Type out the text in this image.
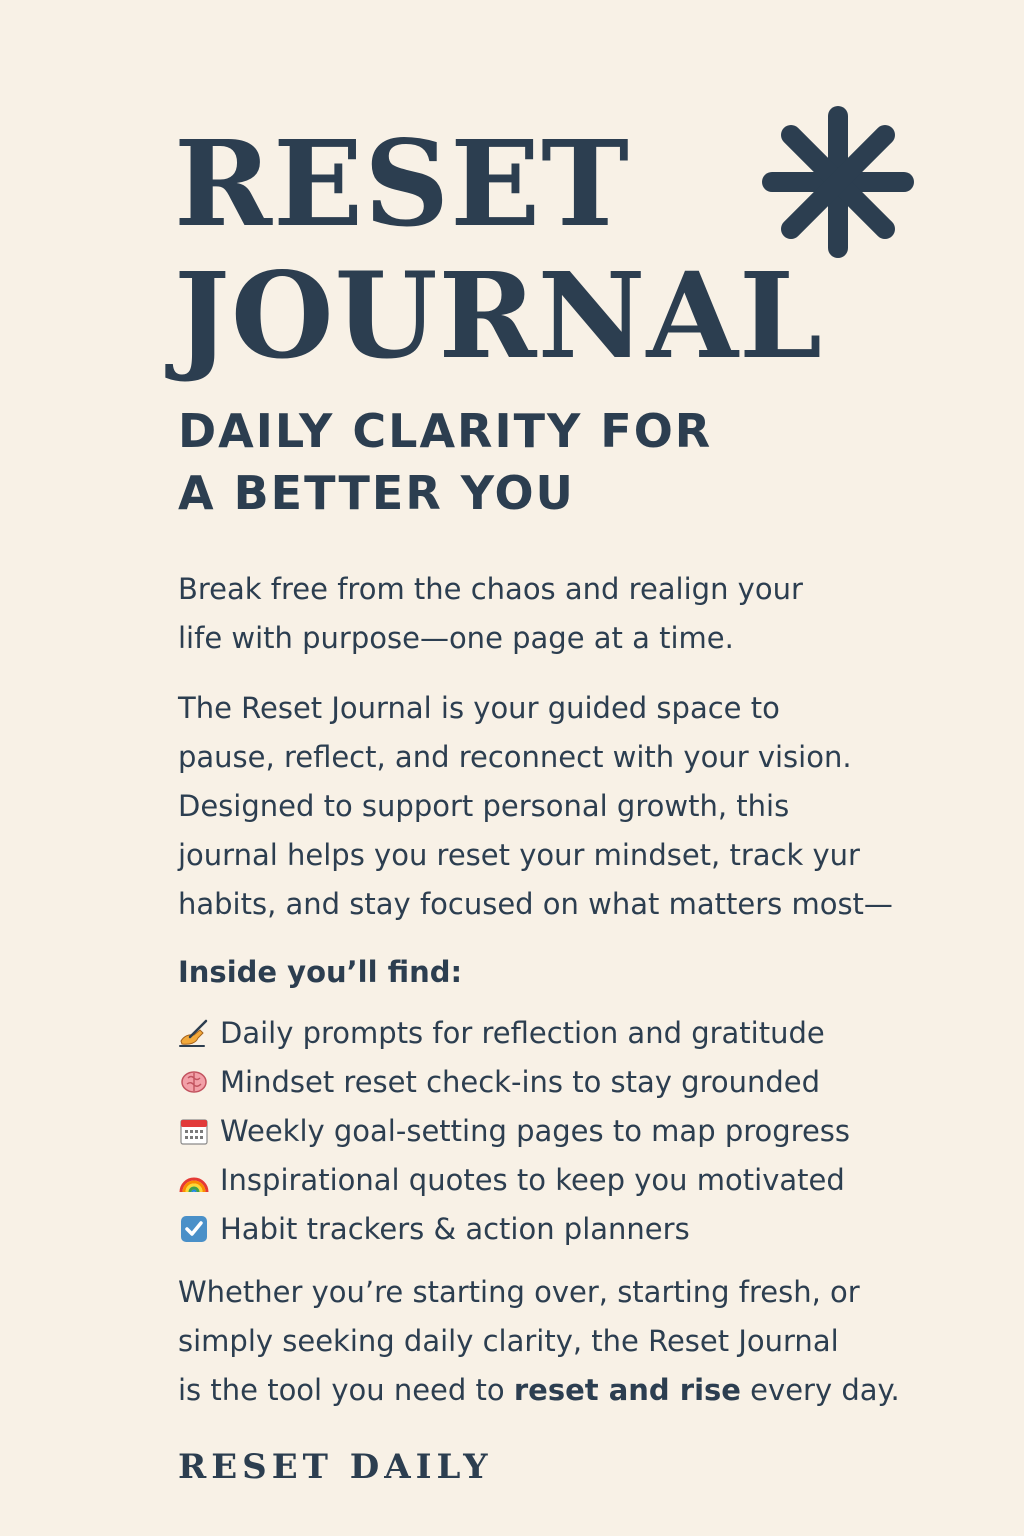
RESET
JOURNAL
DAILY CLARITY FOR
A BETTER YOU

Break free from the chaos and realign your
life with purpose—one page at a time.

The Reset Journal is your guided space to
pause, reflect, and reconnect with your vision.
Designed to support personal growth, this
journal helps you reset your mindset, track yur
habits, and stay focused on what matters most—

Inside you’ll find:
Daily prompts for reflection and gratitude
Mindset reset check-ins to stay grounded
Weekly goal-setting pages to map progress
Inspirational quotes to keep you motivated
Habit trackers & action planners

Whether you’re starting over, starting fresh, or
simply seeking daily clarity, the Reset Journal
is the tool you need to reset and rise every day.

RESET DAILY
